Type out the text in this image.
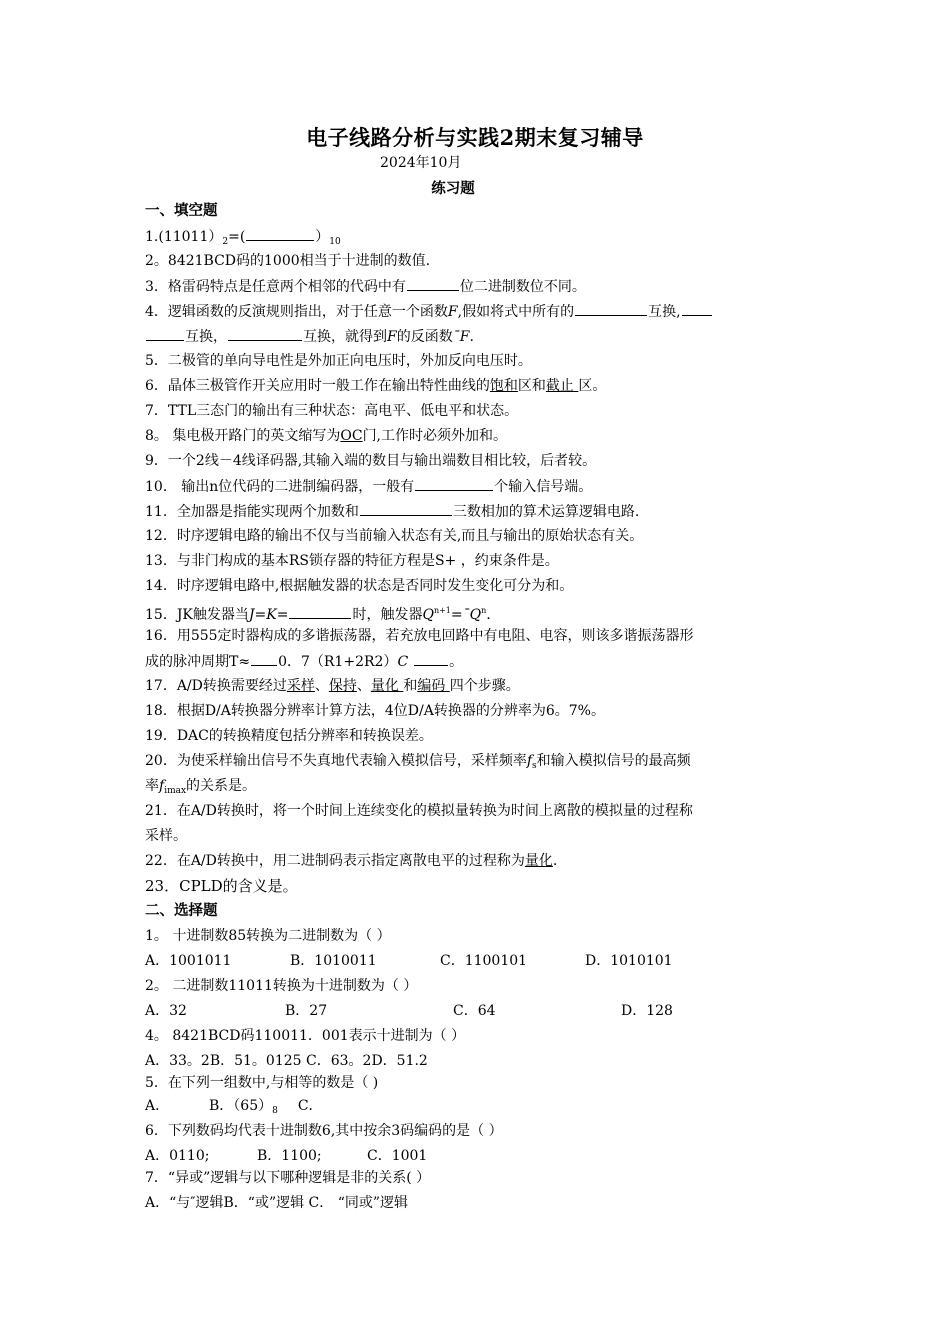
电子线路分析与实践2期末复习辅导
2024年10月
练习题
一、填空题
$1.(11011)_2=$(	）$_{10}$
2。8421BCD码的1000相当于十进制的数值.
3．格雷码特点是任意两个相邻的代码中有	位二进制数位不同。
4．逻辑函数的反演规则指出，对于任意一个函数F,假如将式中所有的	互换,
互换，	互换，就得到F的反函数¯F.
5．二极管的单向导电性是外加正向电压时，外加反向电压时。
6．晶体三极管作开关应用时一般工作在输出特性曲线的饱和区和截止 区。
7．TTL三态门的输出有三种状态：高电平、低电平和状态。
8。 集电极开路门的英文缩写为OC门,工作时必须外加和。
9．一个2线－4线译码器,其输入端的数目与输出端数目相比较，后者较。
10． 输出n位代码的二进制编码器，一般有	个输入信号端。
11．全加器是指能实现两个加数和	三数相加的算术运算逻辑电路.
12．时序逻辑电路的输出不仅与当前输入状态有关,而且与输出的原始状态有关。
13．与非门构成的基本RS锁存器的特征方程是S+ ，约束条件是。
14．时序逻辑电路中,根据触发器的状态是否同时发生变化可分为和。
15．JK触发器当J=K=	时，触发器$Q^{n+1}=¯Q^n$.
16．用555定时器构成的多谐振荡器，若充放电回路中有电阻、电容，则该多谐振荡器形
成的脉冲周期T≈ 0．7（R1+2R2）C	。
17．A/D转换需要经过采样、保持、量化 和编码 四个步骤。
18．根据D/A转换器分辨率计算方法，4位D/A转换器的分辨率为6。7%。
19．DAC的转换精度包括分辨率和转换误差。
20．为使采样输出信号不失真地代表输入模拟信号，采样频率$f_s$和输入模拟信号的最高频
率$f_{imax}$的关系是。
21．在A/D转换时，将一个时间上连续变化的模拟量转换为时间上离散的模拟量的过程称
采样。
22．在A/D转换中，用二进制码表示指定离散电平的过程称为量化.
23．CPLD的含义是。
二、选择题
1。 十进制数85转换为二进制数为（ ）
A．1001011	B．1010011	C．1100101	D．1010101
2。 二进制数11011转换为十进制数为（ ）
A．32	B．27	C．64	D．128
4。 8421BCD码110011．001表示十进制为（ ）
A．33。2B．51。0125 C．63。2D．51.2
5．在下列一组数中,与相等的数是（ )
A．	B．$(65)_8$ C．
6．下列数码均代表十进制数6,其中按余3码编码的是（ ）
A．0110;	B．1100;	C．1001
7．“异或”逻辑与以下哪种逻辑是非的关系( ）
A．“与″逻辑B．“或”逻辑 C． “同或”逻辑
